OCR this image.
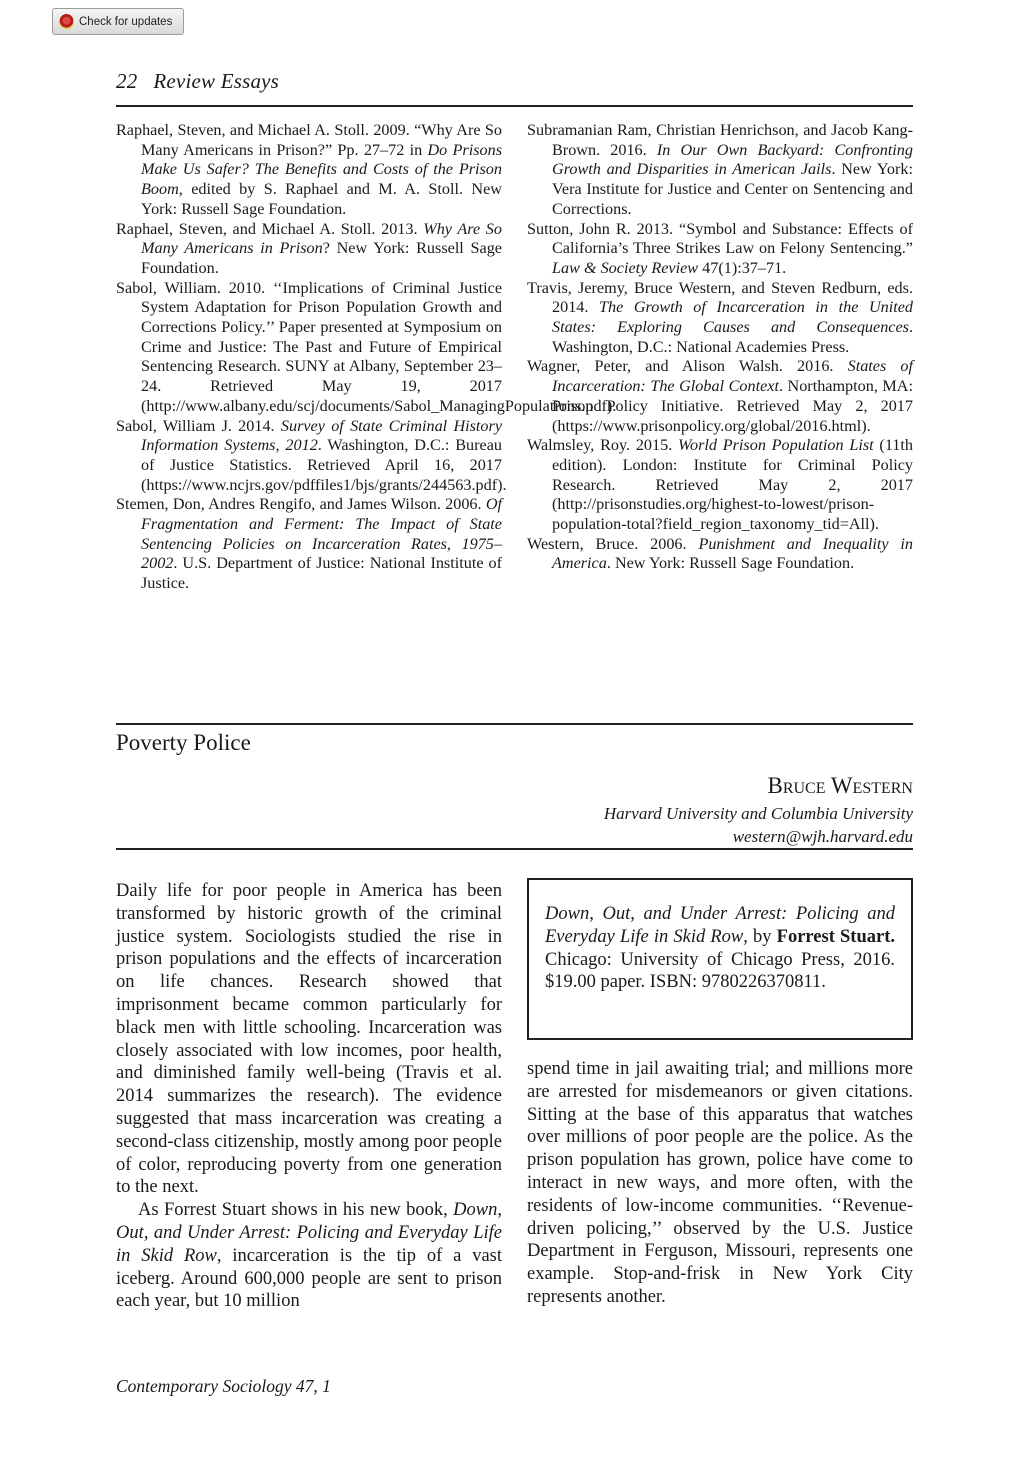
Check for updates
22 Review Essays

Raphael, Steven, and Michael A. Stoll. 2009. “Why Are So Many Americans in Prison?” Pp. 27–72 in Do Prisons Make Us Safer? The Benefits and Costs of the Prison Boom, edited by S. Raphael and M. A. Stoll. New York: Russell Sage Foundation.

Raphael, Steven, and Michael A. Stoll. 2013. Why Are So Many Americans in Prison? New York: Russell Sage Foundation.

Sabol, William. 2010. ‘‘Implications of Criminal Justice System Adaptation for Prison Population Growth and Corrections Policy.’’ Paper presented at Symposium on Crime and Justice: The Past and Future of Empirical Sentencing Research. SUNY at Albany, September 23–24. Retrieved May 19, 2017 (http://www.albany.edu/scj/documents/Sabol_ManagingPopulations.pdf).

Sabol, William J. 2014. Survey of State Criminal History Information Systems, 2012. Washington, D.C.: Bureau of Justice Statistics. Retrieved April 16, 2017 (https://www.ncjrs.gov/pdffiles1/bjs/grants/244563.pdf).

Stemen, Don, Andres Rengifo, and James Wilson. 2006. Of Fragmentation and Ferment: The Impact of State Sentencing Policies on Incarceration Rates, 1975–2002. U.S. Department of Justice: National Institute of Justice.

Subramanian Ram, Christian Henrichson, and Jacob Kang-Brown. 2016. In Our Own Backyard: Confronting Growth and Disparities in American Jails. New York: Vera Institute for Justice and Center on Sentencing and Corrections.

Sutton, John R. 2013. “Symbol and Substance: Effects of California’s Three Strikes Law on Felony Sentencing.” Law & Society Review 47(1):37–71.

Travis, Jeremy, Bruce Western, and Steven Redburn, eds. 2014. The Growth of Incarceration in the United States: Exploring Causes and Consequences. Washington, D.C.: National Academies Press.

Wagner, Peter, and Alison Walsh. 2016. States of Incarceration: The Global Context. Northampton, MA: Prison Policy Initiative. Retrieved May 2, 2017 (https://www.prisonpolicy.org/global/2016.html).

Walmsley, Roy. 2015. World Prison Population List (11th edition). London: Institute for Criminal Policy Research. Retrieved May 2, 2017 (http://prisonstudies.org/highest-to-lowest/prison-population-total?field_region_taxonomy_tid=All).

Western, Bruce. 2006. Punishment and Inequality in America. New York: Russell Sage Foundation.

Poverty Police
Bruce Western
Harvard University and Columbia University
western@wjh.harvard.edu

Daily life for poor people in America has been transformed by historic growth of the criminal justice system. Sociologists studied the rise in prison populations and the effects of incarceration on life chances. Research showed that imprisonment became common particularly for black men with little schooling. Incarceration was closely associated with low incomes, poor health, and diminished family well-being (Travis et al. 2014 summarizes the research). The evidence suggested that mass incarceration was creating a second-class citizenship, mostly among poor people of color, reproducing poverty from one generation to the next.

As Forrest Stuart shows in his new book, Down, Out, and Under Arrest: Policing and Everyday Life in Skid Row, incarceration is the tip of a vast iceberg. Around 600,000 people are sent to prison each year, but 10 million

Down, Out, and Under Arrest: Policing and Everyday Life in Skid Row, by Forrest Stuart. Chicago: University of Chicago Press, 2016. $19.00 paper. ISBN: 9780226370811.

spend time in jail awaiting trial; and millions more are arrested for misdemeanors or given citations. Sitting at the base of this apparatus that watches over millions of poor people are the police. As the prison population has grown, police have come to interact in new ways, and more often, with the residents of low-income communities. ‘‘Revenue-driven policing,’’ observed by the U.S. Justice Department in Ferguson, Missouri, represents one example. Stop-and-frisk in New York City represents another.

Contemporary Sociology 47, 1
